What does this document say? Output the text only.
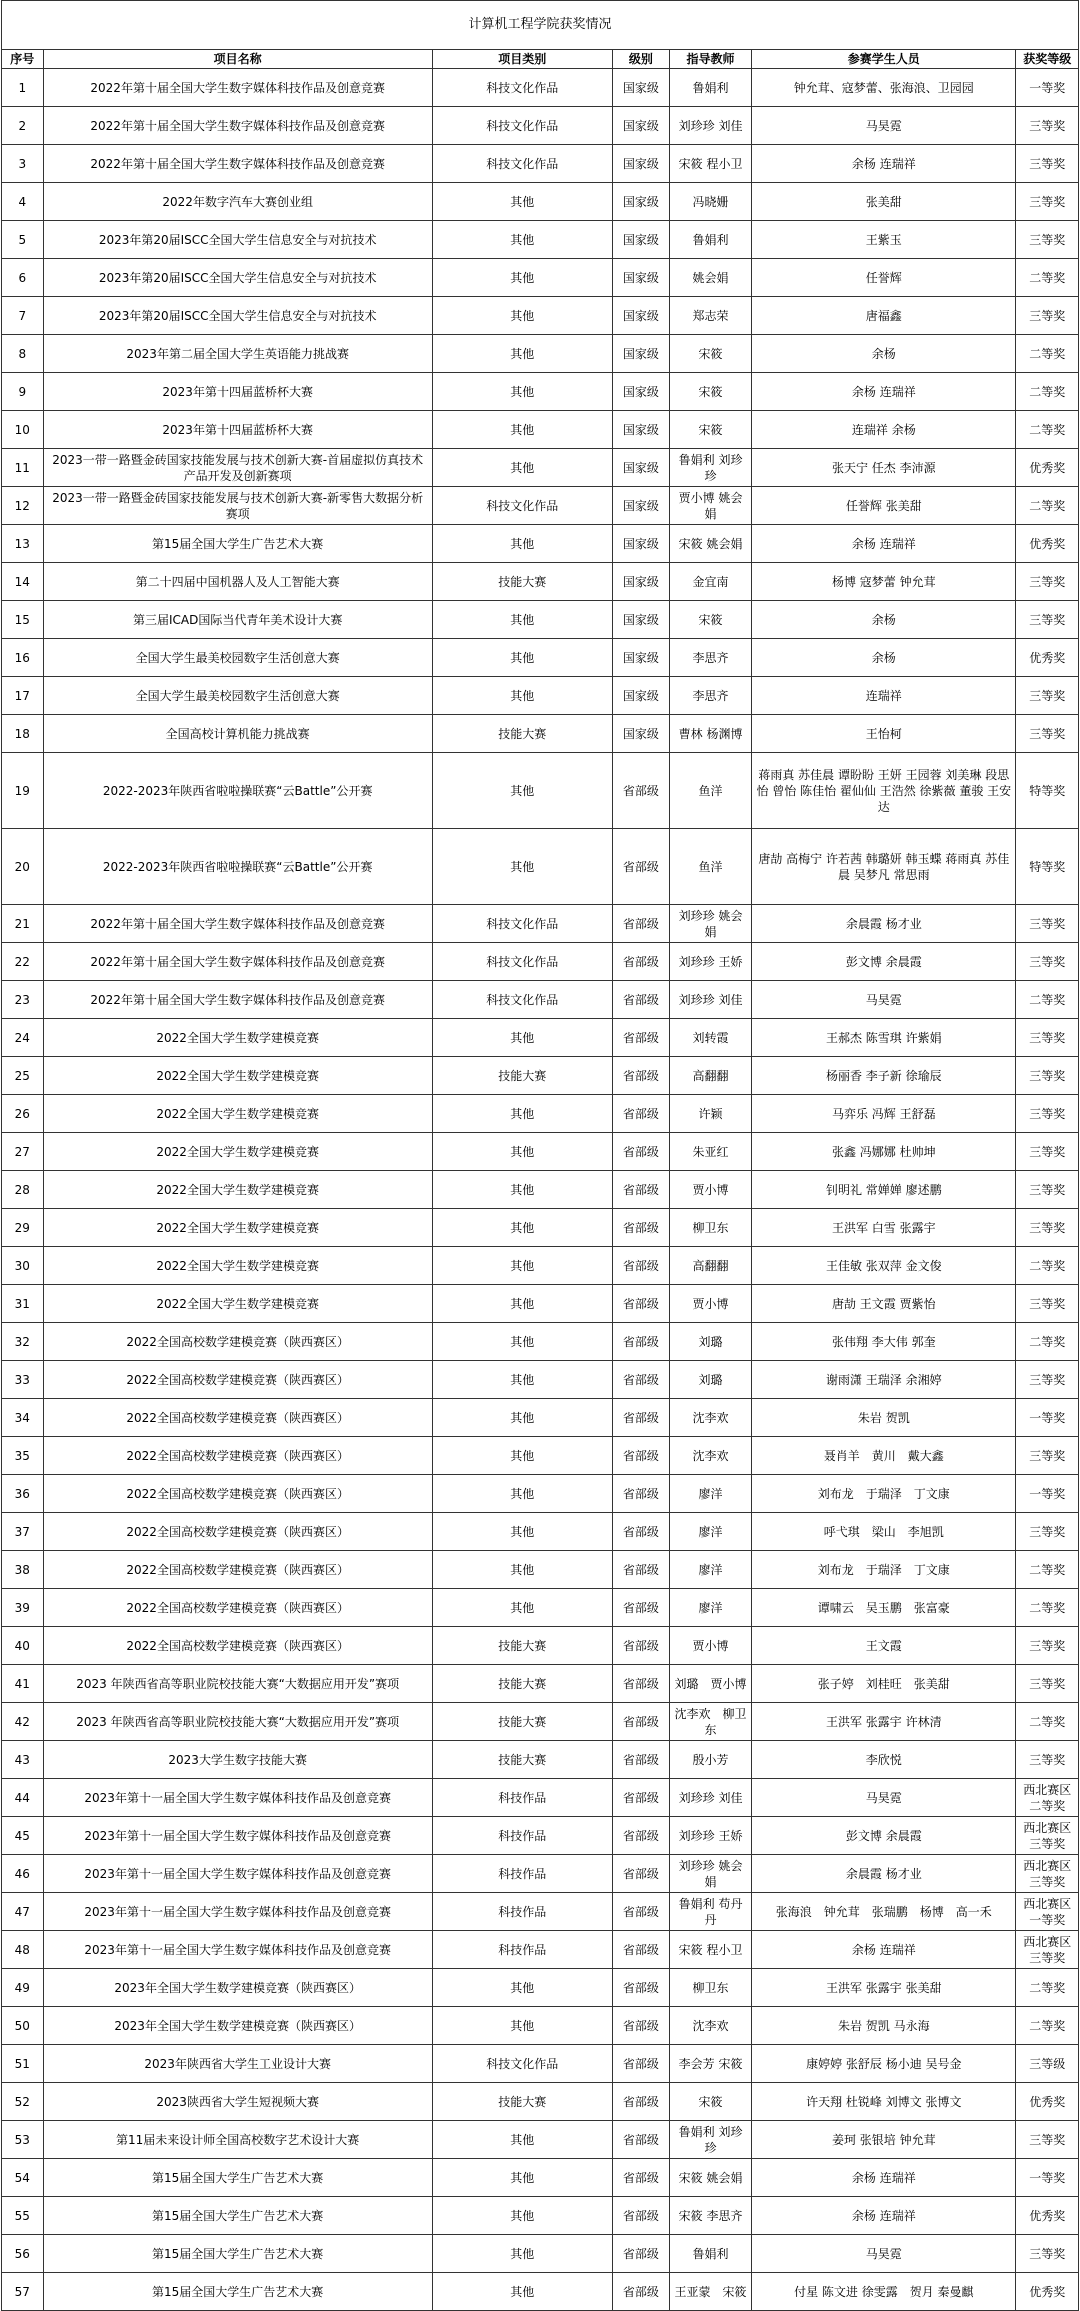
计算机工程学院获奖情况						
序号	项目名称	项目类别	级别	指导教师	参赛学生人员	获奖等级
1	2022年第十届全国大学生数字媒体科技作品及创意竞赛	科技文化作品	国家级	鲁娟利	钟允茸、寇梦蕾、张海浪、卫园园	一等奖
2	2022年第十届全国大学生数字媒体科技作品及创意竞赛	科技文化作品	国家级	刘珍珍 刘佳	马昊霓	三等奖
3	2022年第十届全国大学生数字媒体科技作品及创意竞赛	科技文化作品	国家级	宋筱 程小卫	余杨 连瑞祥	三等奖
4	2022年数字汽车大赛创业组	其他	国家级	冯晓姗	张美甜	三等奖
5	2023年第20届ISCC全国大学生信息安全与对抗技术	其他	国家级	鲁娟利	王紫玉	三等奖
6	2023年第20届ISCC全国大学生信息安全与对抗技术	其他	国家级	姚会娟	任誉辉	二等奖
7	2023年第20届ISCC全国大学生信息安全与对抗技术	其他	国家级	郑志荣	唐福鑫	三等奖
8	2023年第二届全国大学生英语能力挑战赛	其他	国家级	宋筱	余杨	二等奖
9	2023年第十四届蓝桥杯大赛	其他	国家级	宋筱	余杨 连瑞祥	二等奖
10	2023年第十四届蓝桥杯大赛	其他	国家级	宋筱	连瑞祥 余杨	二等奖
11	2023一带一路暨金砖国家技能发展与技术创新大赛-首届虚拟仿真技术产品开发及创新赛项	其他	国家级	鲁娟利 刘珍珍	张天宁 任杰 李沛源	优秀奖
12	2023一带一路暨金砖国家技能发展与技术创新大赛-新零售大数据分析赛项	科技文化作品	国家级	贾小博 姚会娟	任誉辉 张美甜	二等奖
13	第15届全国大学生广告艺术大赛	其他	国家级	宋筱 姚会娟	余杨 连瑞祥	优秀奖
14	第二十四届中国机器人及人工智能大赛	技能大赛	国家级	金宜南	杨博 寇梦蕾 钟允茸	三等奖
15	第三届ICAD国际当代青年美术设计大赛	其他	国家级	宋筱	余杨	三等奖
16	全国大学生最美校园数字生活创意大赛	其他	国家级	李思齐	余杨	优秀奖
17	全国大学生最美校园数字生活创意大赛	其他	国家级	李思齐	连瑞祥	三等奖
18	全国高校计算机能力挑战赛	技能大赛	国家级	曹林 杨渊博	王怡柯	三等奖
19	2022-2023年陕西省啦啦操联赛“云Battle”公开赛	其他	省部级	鱼洋	蒋雨真 苏佳晨 谭盼盼 王妍 王园蓉 刘美琳 段思怡 曾怡 陈佳怡 翟仙仙 王浩然 徐紫薇 董骏 王安达	特等奖
20	2022-2023年陕西省啦啦操联赛“云Battle”公开赛	其他	省部级	鱼洋	唐劼 高梅宁 许若茜 韩璐妍 韩玉蝶 蒋雨真 苏佳晨 吴梦凡 常思雨	特等奖
21	2022年第十届全国大学生数字媒体科技作品及创意竞赛	科技文化作品	省部级	刘珍珍 姚会娟	余晨霞 杨才业	三等奖
22	2022年第十届全国大学生数字媒体科技作品及创意竞赛	科技文化作品	省部级	刘珍珍 王娇	彭文博 余晨霞	三等奖
23	2022年第十届全国大学生数字媒体科技作品及创意竞赛	科技文化作品	省部级	刘珍珍 刘佳	马昊霓	二等奖
24	2022全国大学生数学建模竞赛	其他	省部级	刘转霞	王郝杰 陈雪琪 许紫娟	三等奖
25	2022全国大学生数学建模竞赛	技能大赛	省部级	高翻翻	杨丽香 李子新 徐瑜辰	三等奖
26	2022全国大学生数学建模竞赛	其他	省部级	许颖	马弈乐 冯辉 王舒磊	三等奖
27	2022全国大学生数学建模竞赛	其他	省部级	朱亚红	张鑫 冯娜娜 杜帅坤	三等奖
28	2022全国大学生数学建模竞赛	其他	省部级	贾小博	钊明礼 常婵婵 廖述鹏	三等奖
29	2022全国大学生数学建模竞赛	其他	省部级	柳卫东	王洪军 白雪 张露宇	三等奖
30	2022全国大学生数学建模竞赛	其他	省部级	高翻翻	王佳敏 张双萍 金文俊	二等奖
31	2022全国大学生数学建模竞赛	其他	省部级	贾小博	唐劼 王文霞 贾紫怡	三等奖
32	2022全国高校数学建模竞赛（陕西赛区）	其他	省部级	刘璐	张伟翔 李大伟 郭奎	二等奖
33	2022全国高校数学建模竞赛（陕西赛区）	其他	省部级	刘璐	谢雨潇 王瑞泽 余湘婷	三等奖
34	2022全国高校数学建模竞赛（陕西赛区）	其他	省部级	沈李欢	朱岩 贺凯	一等奖
35	2022全国高校数学建模竞赛（陕西赛区）	其他	省部级	沈李欢	聂肖羊　黄川　戴大鑫	三等奖
36	2022全国高校数学建模竞赛（陕西赛区）	其他	省部级	廖洋	刘布龙　于瑞泽　丁文康	一等奖
37	2022全国高校数学建模竞赛（陕西赛区）	其他	省部级	廖洋	呼弋琪　梁山　李旭凯	三等奖
38	2022全国高校数学建模竞赛（陕西赛区）	其他	省部级	廖洋	刘布龙　于瑞泽　丁文康	二等奖
39	2022全国高校数学建模竞赛（陕西赛区）	其他	省部级	廖洋	谭啸云　吴玉鹏　张富豪	二等奖
40	2022全国高校数学建模竞赛（陕西赛区）	技能大赛	省部级	贾小博	王文霞	三等奖
41	2023 年陕西省高等职业院校技能大赛“大数据应用开发”赛项	技能大赛	省部级	刘璐　贾小博	张子婷　刘桂旺　张美甜	三等奖
42	2023 年陕西省高等职业院校技能大赛“大数据应用开发”赛项	技能大赛	省部级	沈李欢　柳卫东	王洪军 张露宇 许林清	二等奖
43	2023大学生数字技能大赛	技能大赛	省部级	殷小芳	李欣悦	三等奖
44	2023年第十一届全国大学生数字媒体科技作品及创意竞赛	科技作品	省部级	刘珍珍 刘佳	马昊霓	西北赛区二等奖
45	2023年第十一届全国大学生数字媒体科技作品及创意竞赛	科技作品	省部级	刘珍珍 王娇	彭文博 余晨霞	西北赛区三等奖
46	2023年第十一届全国大学生数字媒体科技作品及创意竞赛	科技作品	省部级	刘珍珍 姚会娟	余晨霞 杨才业	西北赛区三等奖
47	2023年第十一届全国大学生数字媒体科技作品及创意竞赛	科技作品	省部级	鲁娟利 苟丹丹	张海浪　钟允茸　张瑞鹏　杨博　高一禾	西北赛区一等奖
48	2023年第十一届全国大学生数字媒体科技作品及创意竞赛	科技作品	省部级	宋筱 程小卫	余杨 连瑞祥	西北赛区三等奖
49	2023年全国大学生数学建模竞赛（陕西赛区）	其他	省部级	柳卫东	王洪军 张露宇 张美甜	二等奖
50	2023年全国大学生数学建模竞赛（陕西赛区）	其他	省部级	沈李欢	朱岩 贺凯 马永海	二等奖
51	2023年陕西省大学生工业设计大赛	科技文化作品	省部级	李会芳 宋筱	康婷婷 张舒辰 杨小迪 吴号金	三等级
52	2023陕西省大学生短视频大赛	技能大赛	省部级	宋筱	许天翔 杜锐峰 刘博文 张博文	优秀奖
53	第11届未来设计师全国高校数字艺术设计大赛	其他	省部级	鲁娟利 刘珍珍	姜珂 张银培 钟允茸	三等奖
54	第15届全国大学生广告艺术大赛	其他	省部级	宋筱 姚会娟	余杨 连瑞祥	一等奖
55	第15届全国大学生广告艺术大赛	其他	省部级	宋筱 李思齐	余杨 连瑞祥	优秀奖
56	第15届全国大学生广告艺术大赛	其他	省部级	鲁娟利	马昊霓	三等奖
57	第15届全国大学生广告艺术大赛	其他	省部级	王亚蒙　宋筱	付星 陈文进 徐雯露　贺月 秦曼麒	优秀奖
